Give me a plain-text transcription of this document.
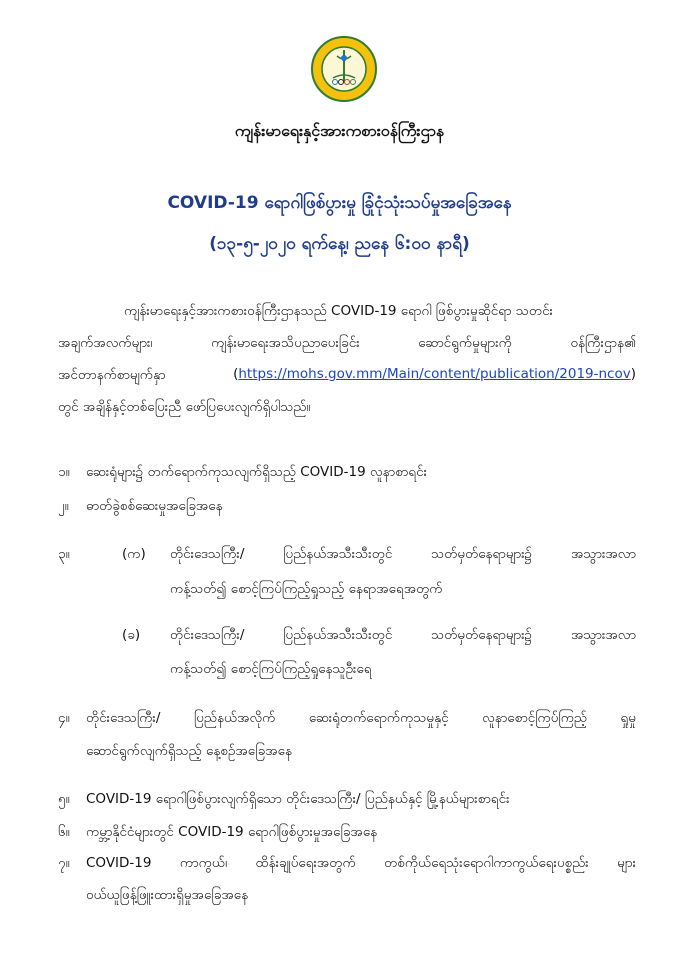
ကျန်းမာရေးနှင့်အားကစားဝန်ကြီးဌာန
COVID-19 ရောဂါဖြစ်ပွားမှု ခြုံငုံသုံးသပ်မှုအခြေအနေ
(၁၃-၅-၂၀၂၀ ရက်နေ့၊ ညနေ ၆:၀၀ နာရီ)
ကျန်းမာရေးနှင့်အားကစားဝန်ကြီးဌာနသည် COVID-19 ရောဂါ ဖြစ်ပွားမှုဆိုင်ရာ သတင်း
အချက်အလက်များ၊ ကျန်းမာရေးအသိပညာပေးခြင်း ဆောင်ရွက်မှုများကို ဝန်ကြီးဌာန၏
အင်တာနက်စာမျက်နှာ	(https://mohs.gov.mm/Main/content/publication/2019-ncov)
တွင် အချိန်နှင့်တစ်ပြေးညီ ဖော်ပြပေးလျက်ရှိပါသည်။
၁။ ဆေးရုံများ၌ တက်ရောက်ကုသလျက်ရှိသည့် COVID-19 လူနာစာရင်း
၂။ ဓာတ်ခွဲစစ်ဆေးမှုအခြေအနေ
၃။	(က) တိုင်းဒေသကြီး/ ပြည်နယ်အသီးသီးတွင် သတ်မှတ်နေရာများ၌ အသွားအလာ
ကန့်သတ်၍ စောင့်ကြပ်ကြည့်ရှုသည့် နေရာအရေအတွက်
(ခ) တိုင်းဒေသကြီး/ ပြည်နယ်အသီးသီးတွင် သတ်မှတ်နေရာများ၌ အသွားအလာ
ကန့်သတ်၍ စောင့်ကြပ်ကြည့်ရှုနေသူဦးရေ
၄။ တိုင်းဒေသကြီး/ ပြည်နယ်အလိုက် ဆေးရုံတက်ရောက်ကုသမှုနှင့် လူနာစောင့်ကြပ်ကြည့် ရှုမှု
ဆောင်ရွက်လျက်ရှိသည့် နေ့စဉ်အခြေအနေ
၅။ COVID-19 ရောဂါဖြစ်ပွားလျက်ရှိသော တိုင်းဒေသကြီး/ ပြည်နယ်နှင့် မြို့နယ်များစာရင်း
၆။ ကမ္ဘာ့နိုင်ငံများတွင် COVID-19 ရောဂါဖြစ်ပွားမှုအခြေအနေ
၇။ COVID-19 ကာကွယ်၊ ထိန်းချုပ်ရေးအတွက် တစ်ကိုယ်ရေသုံးရောဂါကာကွယ်ရေးပစ္စည်း များ
ဝယ်ယူဖြန့်ဖြူးထားရှိမှုအခြေအနေ
